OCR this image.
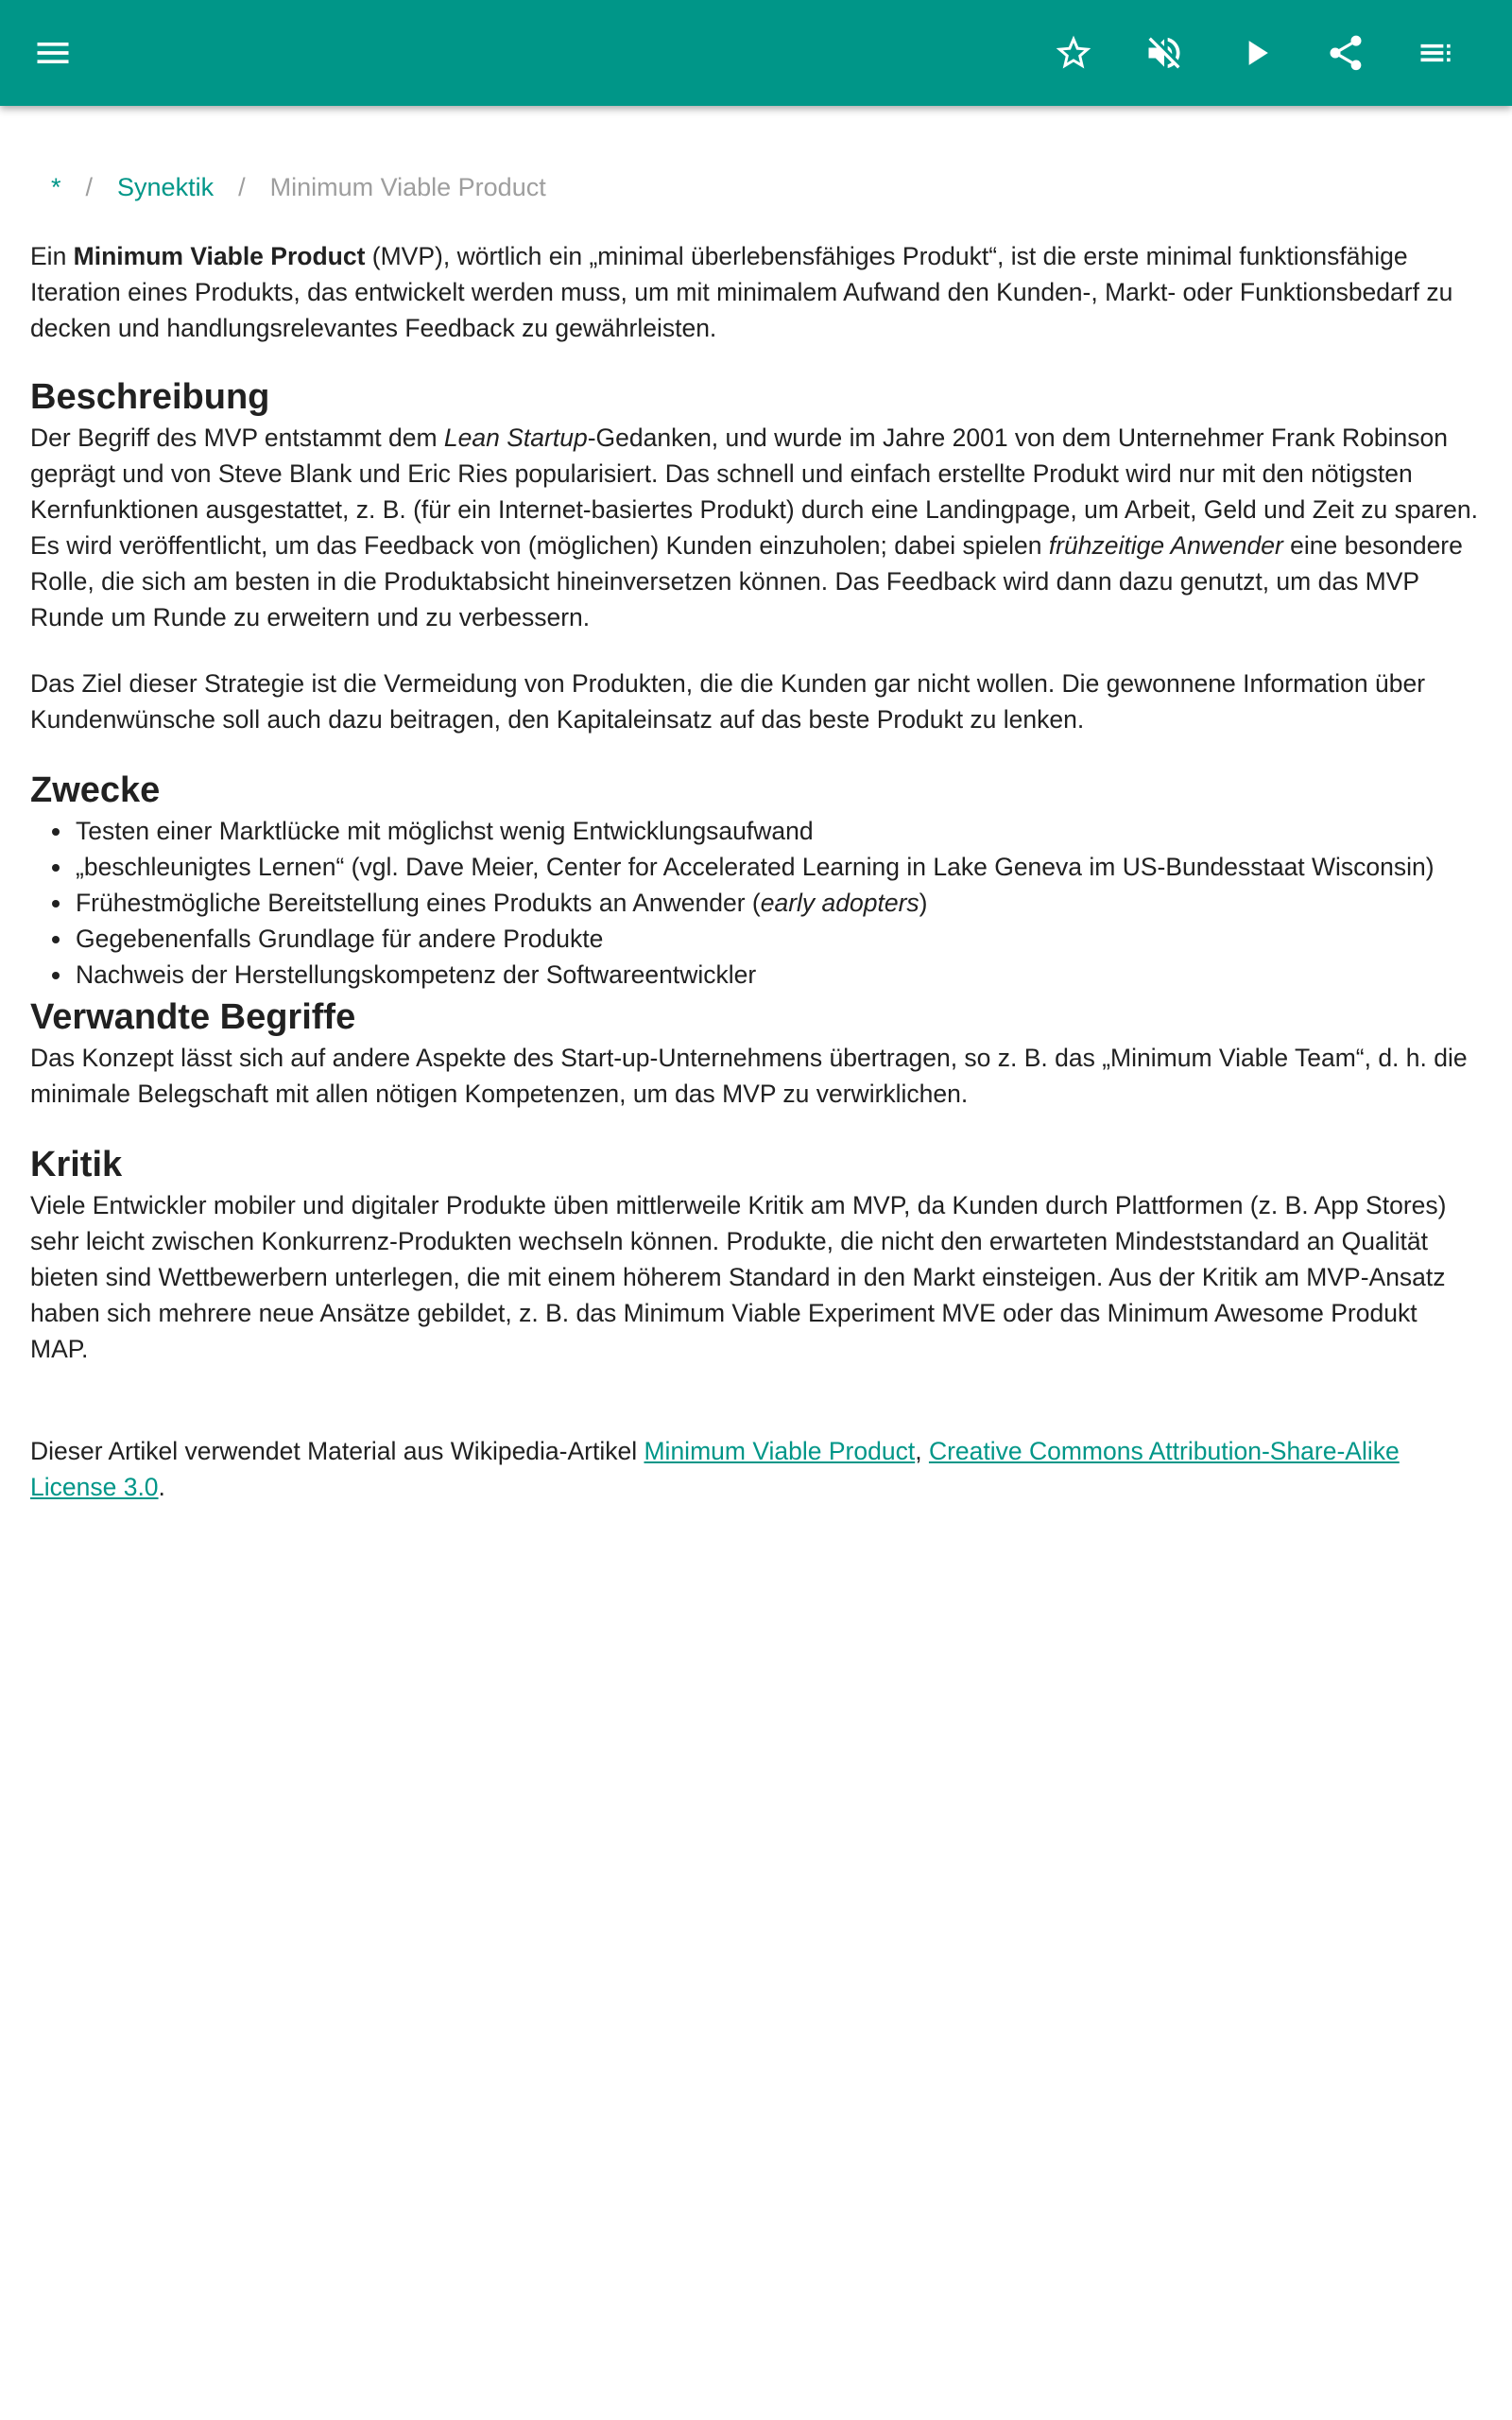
* / Synektik / Minimum Viable Product

Ein Minimum Viable Product (MVP), wörtlich ein „minimal überlebensfähiges Produkt“, ist die erste minimal funktionsfähige Iteration eines Produkts, das entwickelt werden muss, um mit minimalem Aufwand den Kunden-, Markt- oder Funktionsbedarf zu decken und handlungsrelevantes Feedback zu gewährleisten.

Beschreibung

Der Begriff des MVP entstammt dem Lean Startup-Gedanken, und wurde im Jahre 2001 von dem Unternehmer Frank Robinson geprägt und von Steve Blank und Eric Ries popularisiert. Das schnell und einfach erstellte Produkt wird nur mit den nötigsten Kernfunktionen ausgestattet, z. B. (für ein Internet-basiertes Produkt) durch eine Landingpage, um Arbeit, Geld und Zeit zu sparen. Es wird veröffentlicht, um das Feedback von (möglichen) Kunden einzuholen; dabei spielen frühzeitige Anwender eine besondere Rolle, die sich am besten in die Produktabsicht hineinversetzen können. Das Feedback wird dann dazu genutzt, um das MVP Runde um Runde zu erweitern und zu verbessern.

Das Ziel dieser Strategie ist die Vermeidung von Produkten, die die Kunden gar nicht wollen. Die gewonnene Information über Kundenwünsche soll auch dazu beitragen, den Kapitaleinsatz auf das beste Produkt zu lenken.

Zwecke
Testen einer Marktlücke mit möglichst wenig Entwicklungsaufwand
„beschleunigtes Lernen“ (vgl. Dave Meier, Center for Accelerated Learning in Lake Geneva im US-Bundesstaat Wisconsin)
Frühestmögliche Bereitstellung eines Produkts an Anwender (early adopters)
Gegebenenfalls Grundlage für andere Produkte
Nachweis der Herstellungskompetenz der Softwareentwickler
Verwandte Begriffe

Das Konzept lässt sich auf andere Aspekte des Start-up-Unternehmens übertragen, so z. B. das „Minimum Viable Team“, d. h. die minimale Belegschaft mit allen nötigen Kompetenzen, um das MVP zu verwirklichen.

Kritik

Viele Entwickler mobiler und digitaler Produkte üben mittlerweile Kritik am MVP, da Kunden durch Plattformen (z. B. App Stores) sehr leicht zwischen Konkurrenz-Produkten wechseln können. Produkte, die nicht den erwarteten Mindeststandard an Qualität bieten sind Wettbewerbern unterlegen, die mit einem höherem Standard in den Markt einsteigen. Aus der Kritik am MVP-Ansatz haben sich mehrere neue Ansätze gebildet, z. B. das Minimum Viable Experiment MVE oder das Minimum Awesome Produkt MAP.

Dieser Artikel verwendet Material aus Wikipedia-Artikel Minimum Viable Product, Creative Commons Attribution-Share-Alike License 3.0.
